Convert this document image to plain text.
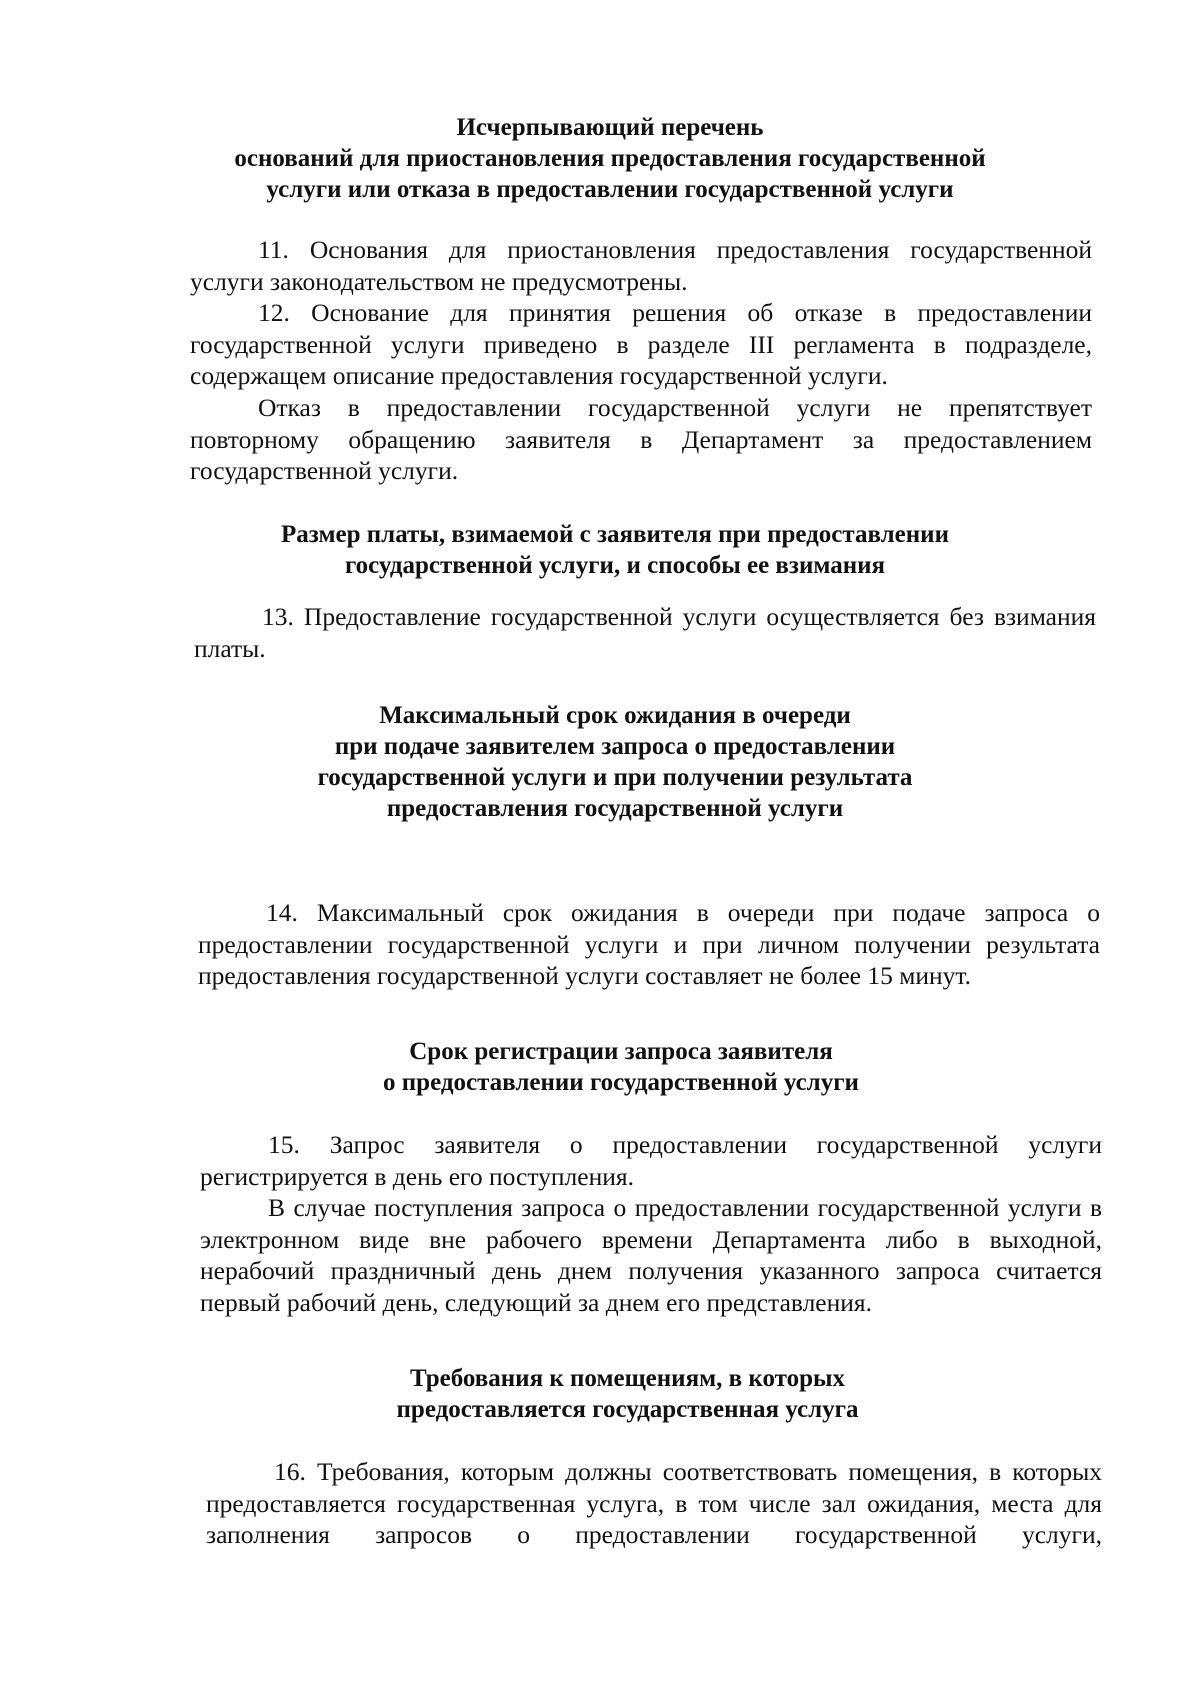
Исчерпывающий перечень
оснований для приостановления предоставления государственной
услуги или отказа в предоставлении государственной услуги

11. Основания для приостановления предоставления государственной услуги законодательством не предусмотрены.

12. Основание для принятия решения об отказе в предоставлении государственной услуги приведено в разделе III регламента в подразделе, содержащем описание предоставления государственной услуги.

Отказ в предоставлении государственной услуги не препятствует повторному обращению заявителя в Департамент за предоставлением государственной услуги.

Размер платы, взимаемой с заявителя при предоставлении
государственной услуги, и способы ее взимания

13. Предоставление государственной услуги осуществляется без взимания платы.

Максимальный срок ожидания в очереди
при подаче заявителем запроса о предоставлении
государственной услуги и при получении результата
предоставления государственной услуги

14. Максимальный срок ожидания в очереди при подаче запроса о предоставлении государственной услуги и при личном получении результата предоставления государственной услуги составляет не более 15 минут.

Срок регистрации запроса заявителя
о предоставлении государственной услуги

15. Запрос заявителя о предоставлении государственной услуги регистрируется в день его поступления.

В случае поступления запроса о предоставлении государственной услуги в электронном виде вне рабочего времени Департамента либо в выходной, нерабочий праздничный день днем получения указанного запроса считается первый рабочий день, следующий за днем его представления.

Требования к помещениям, в которых
предоставляется государственная услуга

16. Требования, которым должны соответствовать помещения, в которых предоставляется государственная услуга, в том числе зал ожидания, места для заполнения запросов о предоставлении государственной услуги,
